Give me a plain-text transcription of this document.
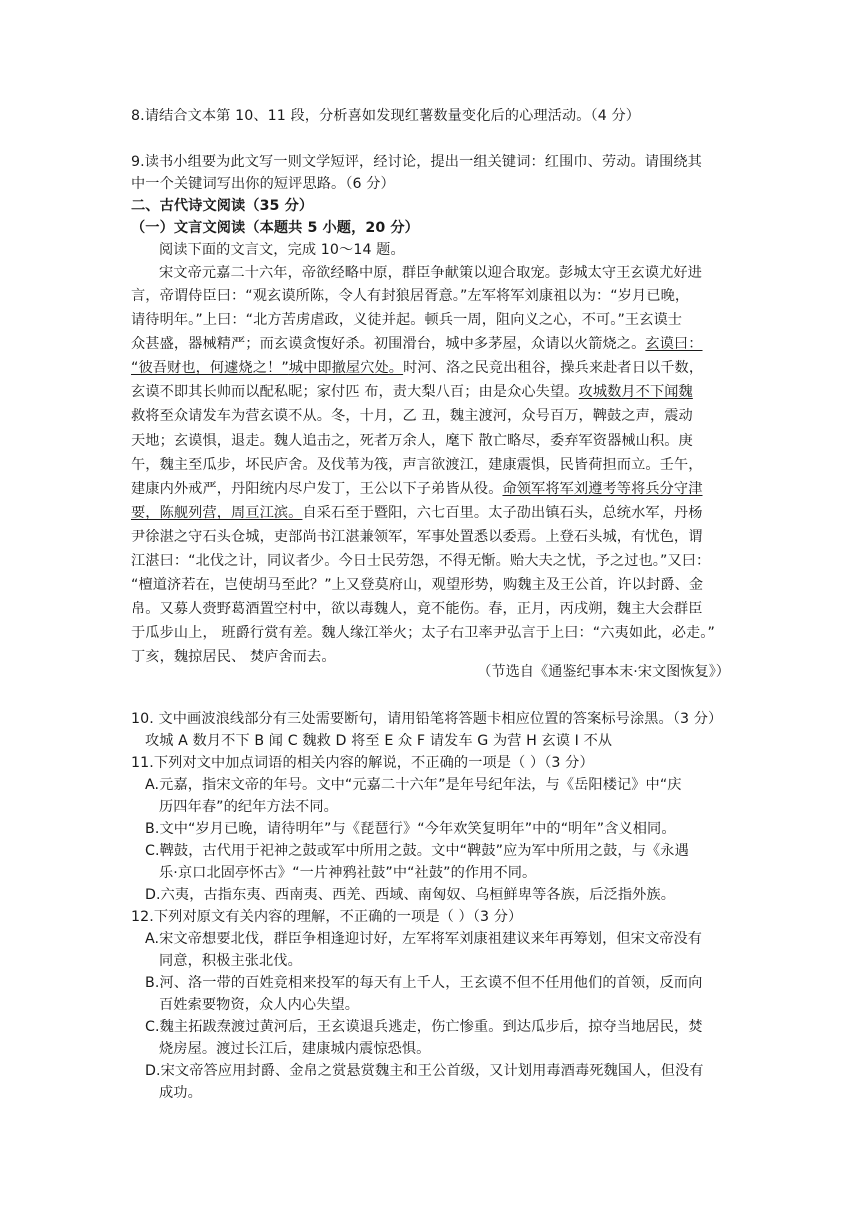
8.请结合文本第 10、11 段，分析喜如发现红薯数量变化后的心理活动。（4 分）
9.读书小组要为此文写一则文学短评，经讨论，提出一组关键词：红围巾、劳动。请围绕其
中一个关键词写出你的短评思路。（6 分）
二、古代诗文阅读（35 分）
（一）文言文阅读（本题共 5 小题，20 分）
阅读下面的文言文，完成 10～14 题。
宋文帝元嘉二十六年，帝欲经略中原，群臣争献策以迎合取宠。彭城太守王玄谟尤好进
言，帝谓侍臣曰：“观玄谟所陈，令人有封狼居胥意。”左军将军刘康祖以为：“岁月已晚，
请待明年。”上曰：“北方苦虏虐政，义徒并起。顿兵一周，阻向义之心，不可。”王玄谟士
众甚盛，器械精严；而玄谟贪愎好杀。初围滑台，城中多茅屋，众请以火箭烧之。玄谟曰：
“彼吾财也，何遽烧之！”城中即撤屋穴处。时河、洛之民竞出租谷，操兵来赴者日以千数，
玄谟不即其长帅而以配私昵；家付匹 布，责大梨八百；由是众心失望。攻城数月不下闻魏
救将至众请发车为营玄谟不从。冬，十月，乙 丑，魏主渡河，众号百万，鞞鼓之声，震动
天地；玄谟惧，退走。魏人追击之，死者万余人，麾下 散亡略尽，委弃军资器械山积。庚
午，魏主至瓜步，坏民庐舍。及伐苇为筏，声言欲渡江，建康震惧，民皆荷担而立。壬午，
建康内外戒严，丹阳统内尽户发丁，王公以下子弟皆从役。命领军将军刘遵考等将兵分守津
要，陈舰列营，周亘江滨。自采石至于暨阳，六七百里。太子劭出镇石头，总统水军，丹杨
尹徐湛之守石头仓城，吏部尚书江湛兼领军，军事处置悉以委焉。上登石头城，有忧色，谓
江湛曰：“北伐之计，同议者少。今日士民劳怨，不得无惭。贻大夫之忧，予之过也。”又曰：
“檀道济若在，岂使胡马至此？”上又登莫府山，观望形势，购魏主及王公首，许以封爵、金
帛。又募人赍野葛酒置空村中，欲以毒魏人，竟不能伤。春，正月，丙戌朔，魏主大会群臣
于瓜步山上， 班爵行赏有差。魏人缘江举火；太子右卫率尹弘言于上曰：“六夷如此，必走。”
丁亥，魏掠居民、 焚庐舍而去。
（节选自《通鉴纪事本末·宋文图恢复》）
10. 文中画波浪线部分有三处需要断句，请用铅笔将答题卡相应位置的答案标号涂黑。（3 分）
攻城 A 数月不下 B 闻 C 魏救 D 将至 E 众 F 请发车 G 为营 H 玄谟 I 不从
11.下列对文中加点词语的相关内容的解说，不正确的一项是（ ）（3 分）
A.元嘉，指宋文帝的年号。文中“元嘉二十六年”是年号纪年法，与《岳阳楼记》中“庆
历四年春”的纪年方法不同。
B.文中“岁月已晚，请待明年”与《琵琶行》“今年欢笑复明年”中的“明年”含义相同。
C.鞞鼓，古代用于祀神之鼓或军中所用之鼓。文中“鞞鼓”应为军中所用之鼓，与《永遇
乐·京口北固亭怀古》“一片神鸦社鼓”中“社鼓”的作用不同。
D.六夷，古指东夷、西南夷、西羌、西域、南匈奴、乌桓鲜卑等各族，后泛指外族。
12.下列对原文有关内容的理解，不正确的一项是（ ）（3 分）
A.宋文帝想要北伐，群臣争相逢迎讨好，左军将军刘康祖建议来年再筹划，但宋文帝没有
同意，积极主张北伐。
B.河、洛一带的百姓竞相来投军的每天有上千人，王玄谟不但不任用他们的首领，反而向
百姓索要物资，众人内心失望。
C.魏主拓跋焘渡过黄河后，王玄谟退兵逃走，伤亡惨重。到达瓜步后，掠夺当地居民，焚
烧房屋。渡过长江后，建康城内震惊恐惧。
D.宋文帝答应用封爵、金帛之赏悬赏魏主和王公首级，又计划用毒酒毒死魏国人，但没有
成功。
